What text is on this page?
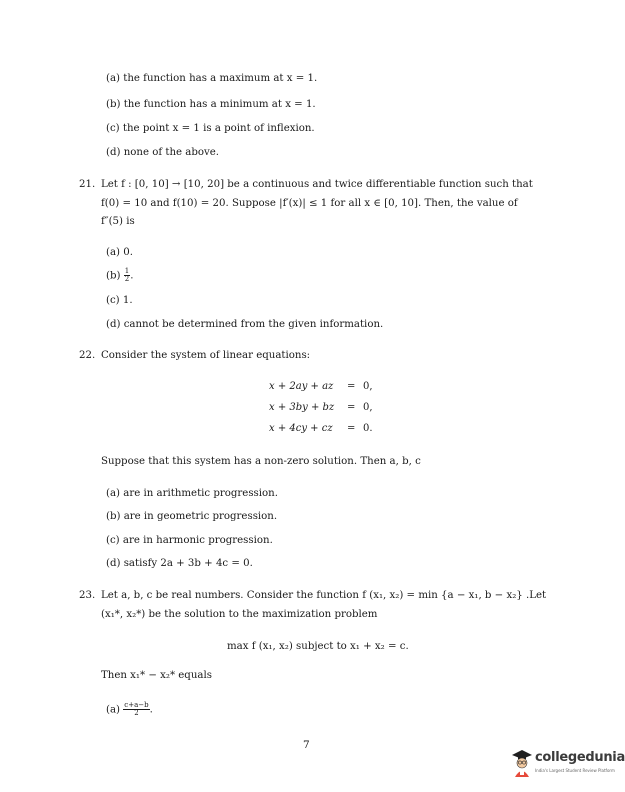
(a) the function has a maximum at x = 1.
(b) the function has a minimum at x = 1.
(c) the point x = 1 is a point of inflexion.
(d) none of the above.
21. Let f : [0, 10] → [10, 20] be a continuous and twice differentiable function such that
f(0) = 10 and f(10) = 20. Suppose |f′(x)| ≤ 1 for all x ∈ [0, 10]. Then, the value of
f″(5) is
(a) 0.
$(b) \frac{1}{2}$ .
(c) 1.
(d) cannot be determined from the given information.
22. Consider the system of linear equations:
x + 2ay + az = 0,
x + 3by + bz = 0,
x + 4cy + cz = 0.
Suppose that this system has a non-zero solution. Then a, b, c
(a) are in arithmetic progression.
(b) are in geometric progression.
(c) are in harmonic progression.
(d) satisfy 2a + 3b + 4c = 0.
23. Let a, b, c be real numbers. Consider the function f (x₁, x₂) = min {a − x₁, b − x₂} .Let
(x₁*, x₂*) be the solution to the maximization problem
max f (x₁, x₂) subject to x₁ + x₂ = c.
Then x₁* − x₂* equals
$(a) \frac{c+a-b}{2}$ .
7
collegedunia
India's Largest Student Review Platform
